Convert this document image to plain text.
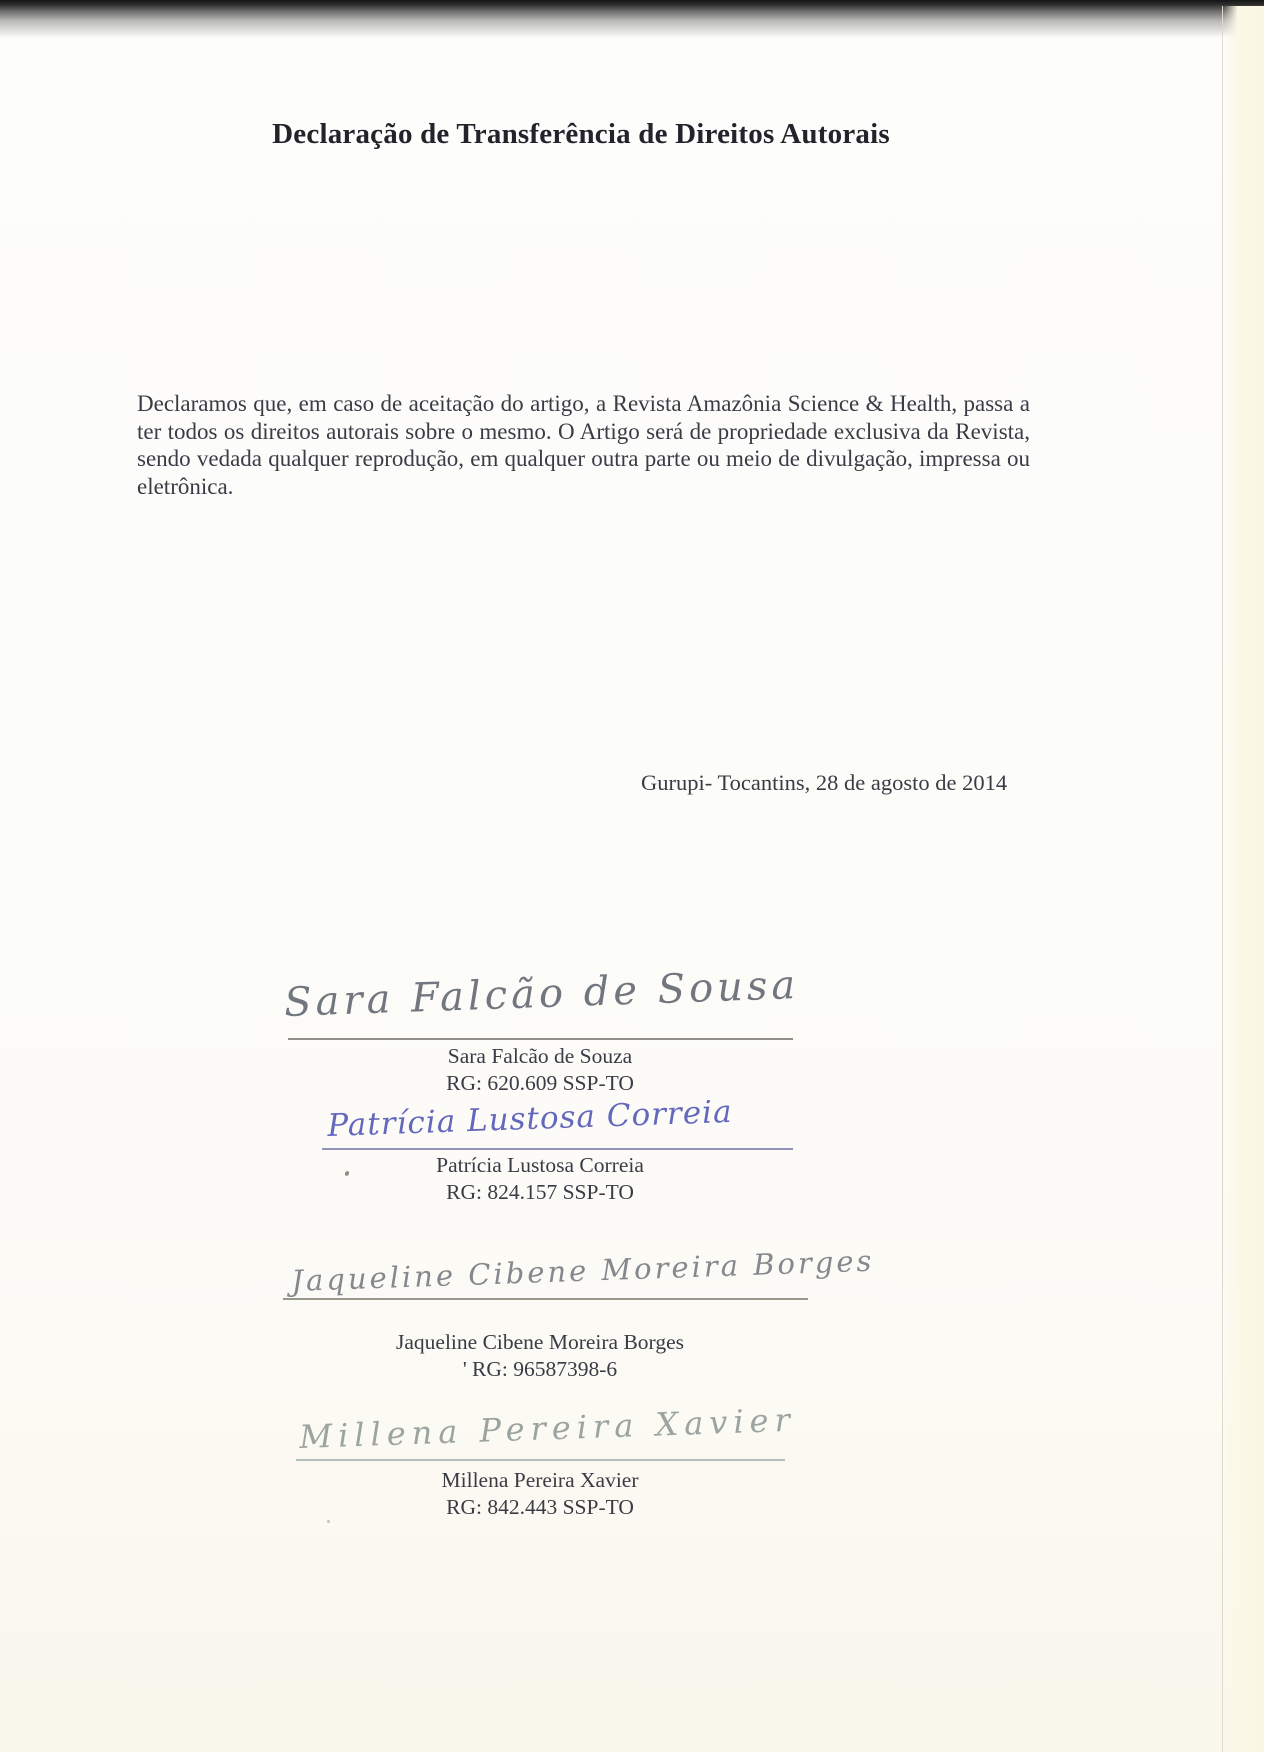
Declaração de Transferência de Direitos Autorais
Declaramos que, em caso de aceitação do artigo, a Revista Amazônia Science & Health, passa a ter todos os direitos autorais sobre o mesmo. O Artigo será de propriedade exclusiva da Revista, sendo vedada qualquer reprodução, em qualquer outra parte ou meio de divulgação, impressa ou eletrônica.
Gurupi- Tocantins, 28 de agosto de 2014
Sara Falcão de Sousa
Sara Falcão de Souza
RG: 620.609 SSP-TO
Patrícia Lustosa Correia
Patrícia Lustosa Correia
RG: 824.157 SSP-TO
Jaqueline Cibene Moreira Borges
Jaqueline Cibene Moreira Borges
' RG: 96587398-6
Millena Pereira Xavier
Millena Pereira Xavier
RG: 842.443 SSP-TO
